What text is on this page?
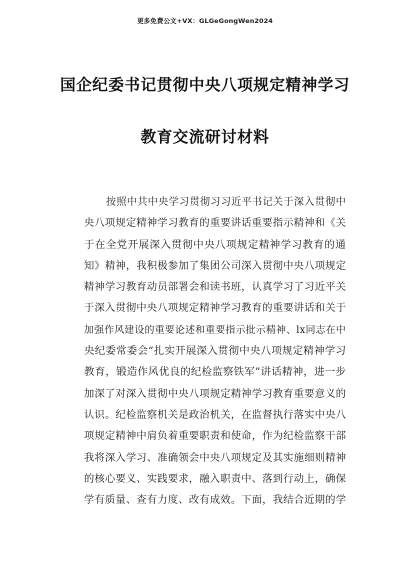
更多免费公文+VX：GLGeGongWen2024
国企纪委书记贯彻中央八项规定精神学习
教育交流研讨材料
按照中共中央学习贯彻习习近平书记关于深入贯彻中
央八项规定精神学习教育的重要讲话重要指示精神和《关
于在全党开展深入贯彻中央八项规定精神学习教育的通
知》精神，我积极参加了集团公司深入贯彻中央八项规定
精神学习教育动员部署会和读书班，认真学习了习近平关
于深入贯彻中央八项规定精神学习教育的重要讲话和关于
加强作风建设的重要论述和重要指示批示精神、lx同志在中
央纪委常委会“扎实开展深入贯彻中央八项规定精神学习
教育，锻造作风优良的纪检监察铁军”讲话精神，进一步
加深了对深入贯彻中央八项规定精神学习教育重要意义的
认识。纪检监察机关是政治机关，在监督执行落实中央八
项规定精神中肩负着重要职责和使命，作为纪检监察干部
我将深入学习、准确领会中央八项规定及其实施细则精神
的核心要义、实践要求，融入职责中、落到行动上，确保
学有质量、查有力度、改有成效。下面，我结合近期的学
